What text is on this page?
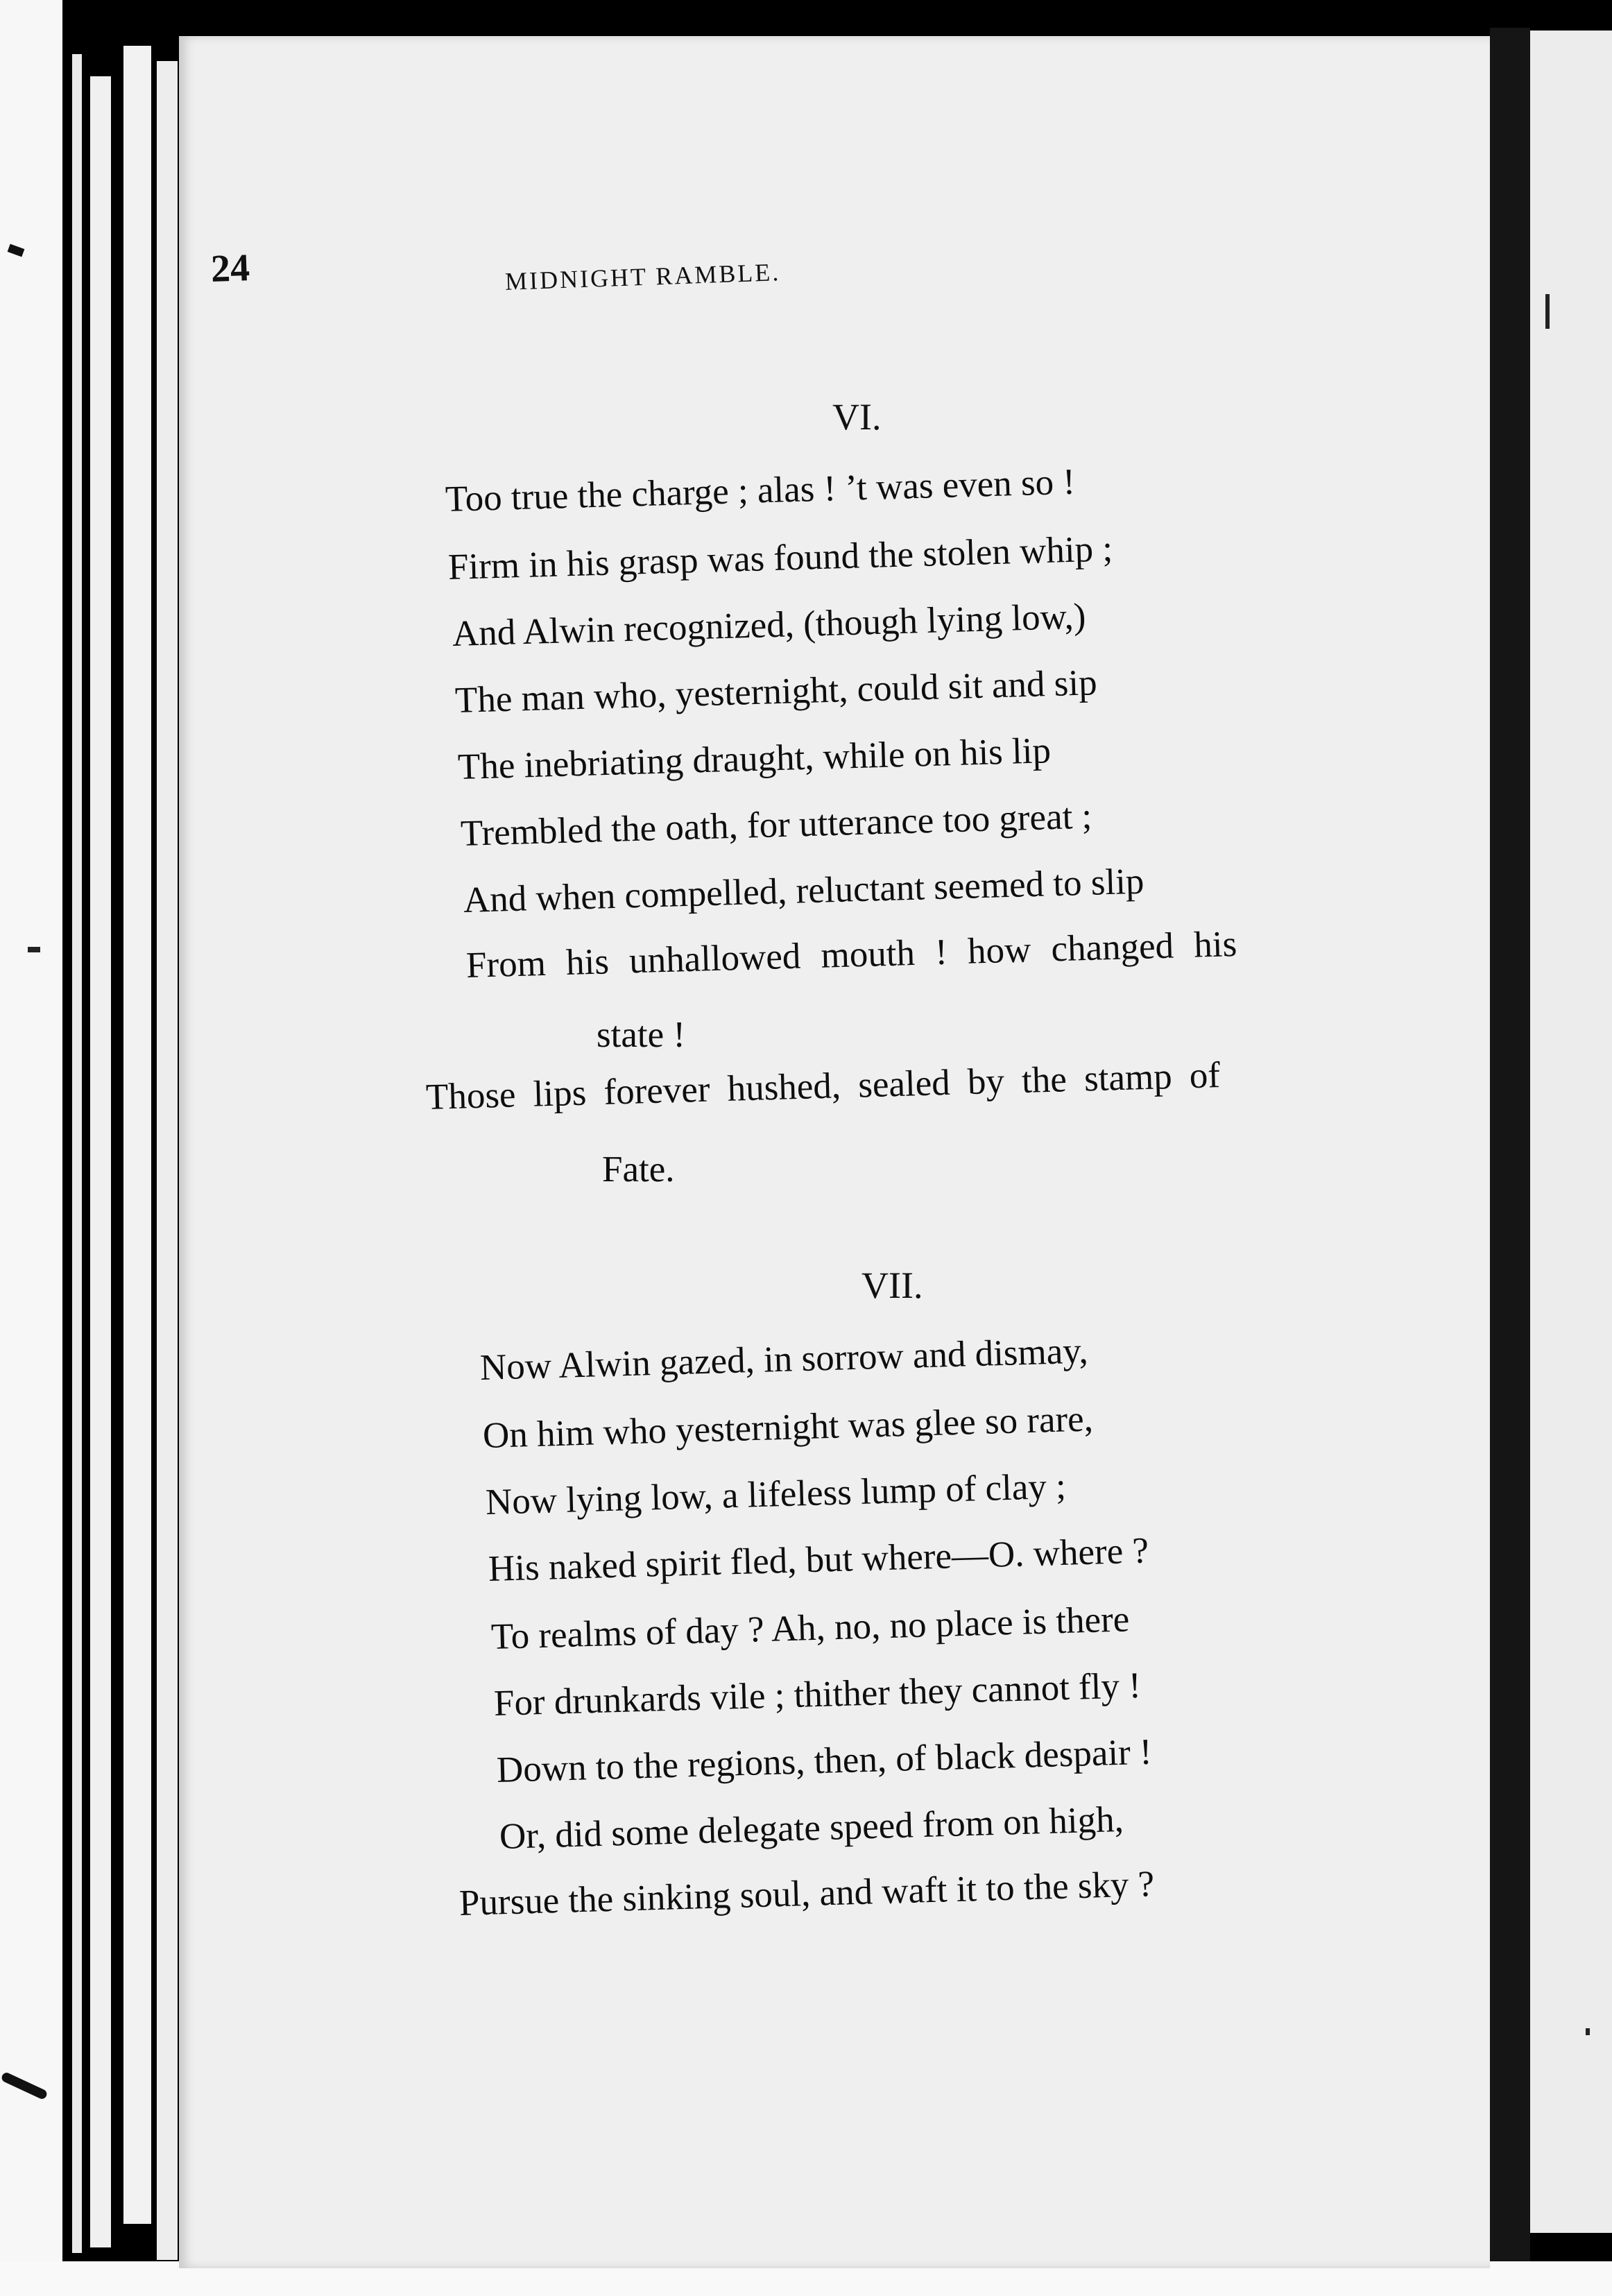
24	MIDNIGHT RAMBLE.
VI.
Too true the charge ; alas ! ’t was even so !
Firm in his grasp was found the stolen whip ;
And Alwin recognized, (though lying low,)
The man who, yesternight, could sit and sip
The inebriating draught, while on his lip
Trembled the oath, for utterance too great ;
And when compelled, reluctant seemed to slip
From his unhallowed mouth ! how changed his
state !
Those lips forever hushed, sealed by the stamp of
Fate.
VII.
Now Alwin gazed, in sorrow and dismay,
On him who yesternight was glee so rare,
Now lying low, a lifeless lump of clay ;
His naked spirit fled, but where—O. where ?
To realms of day ? Ah, no, no place is there
For drunkards vile ; thither they cannot fly !
Down to the regions, then, of black despair !
Or, did some delegate speed from on high,
Pursue the sinking soul, and waft it to the sky ?
